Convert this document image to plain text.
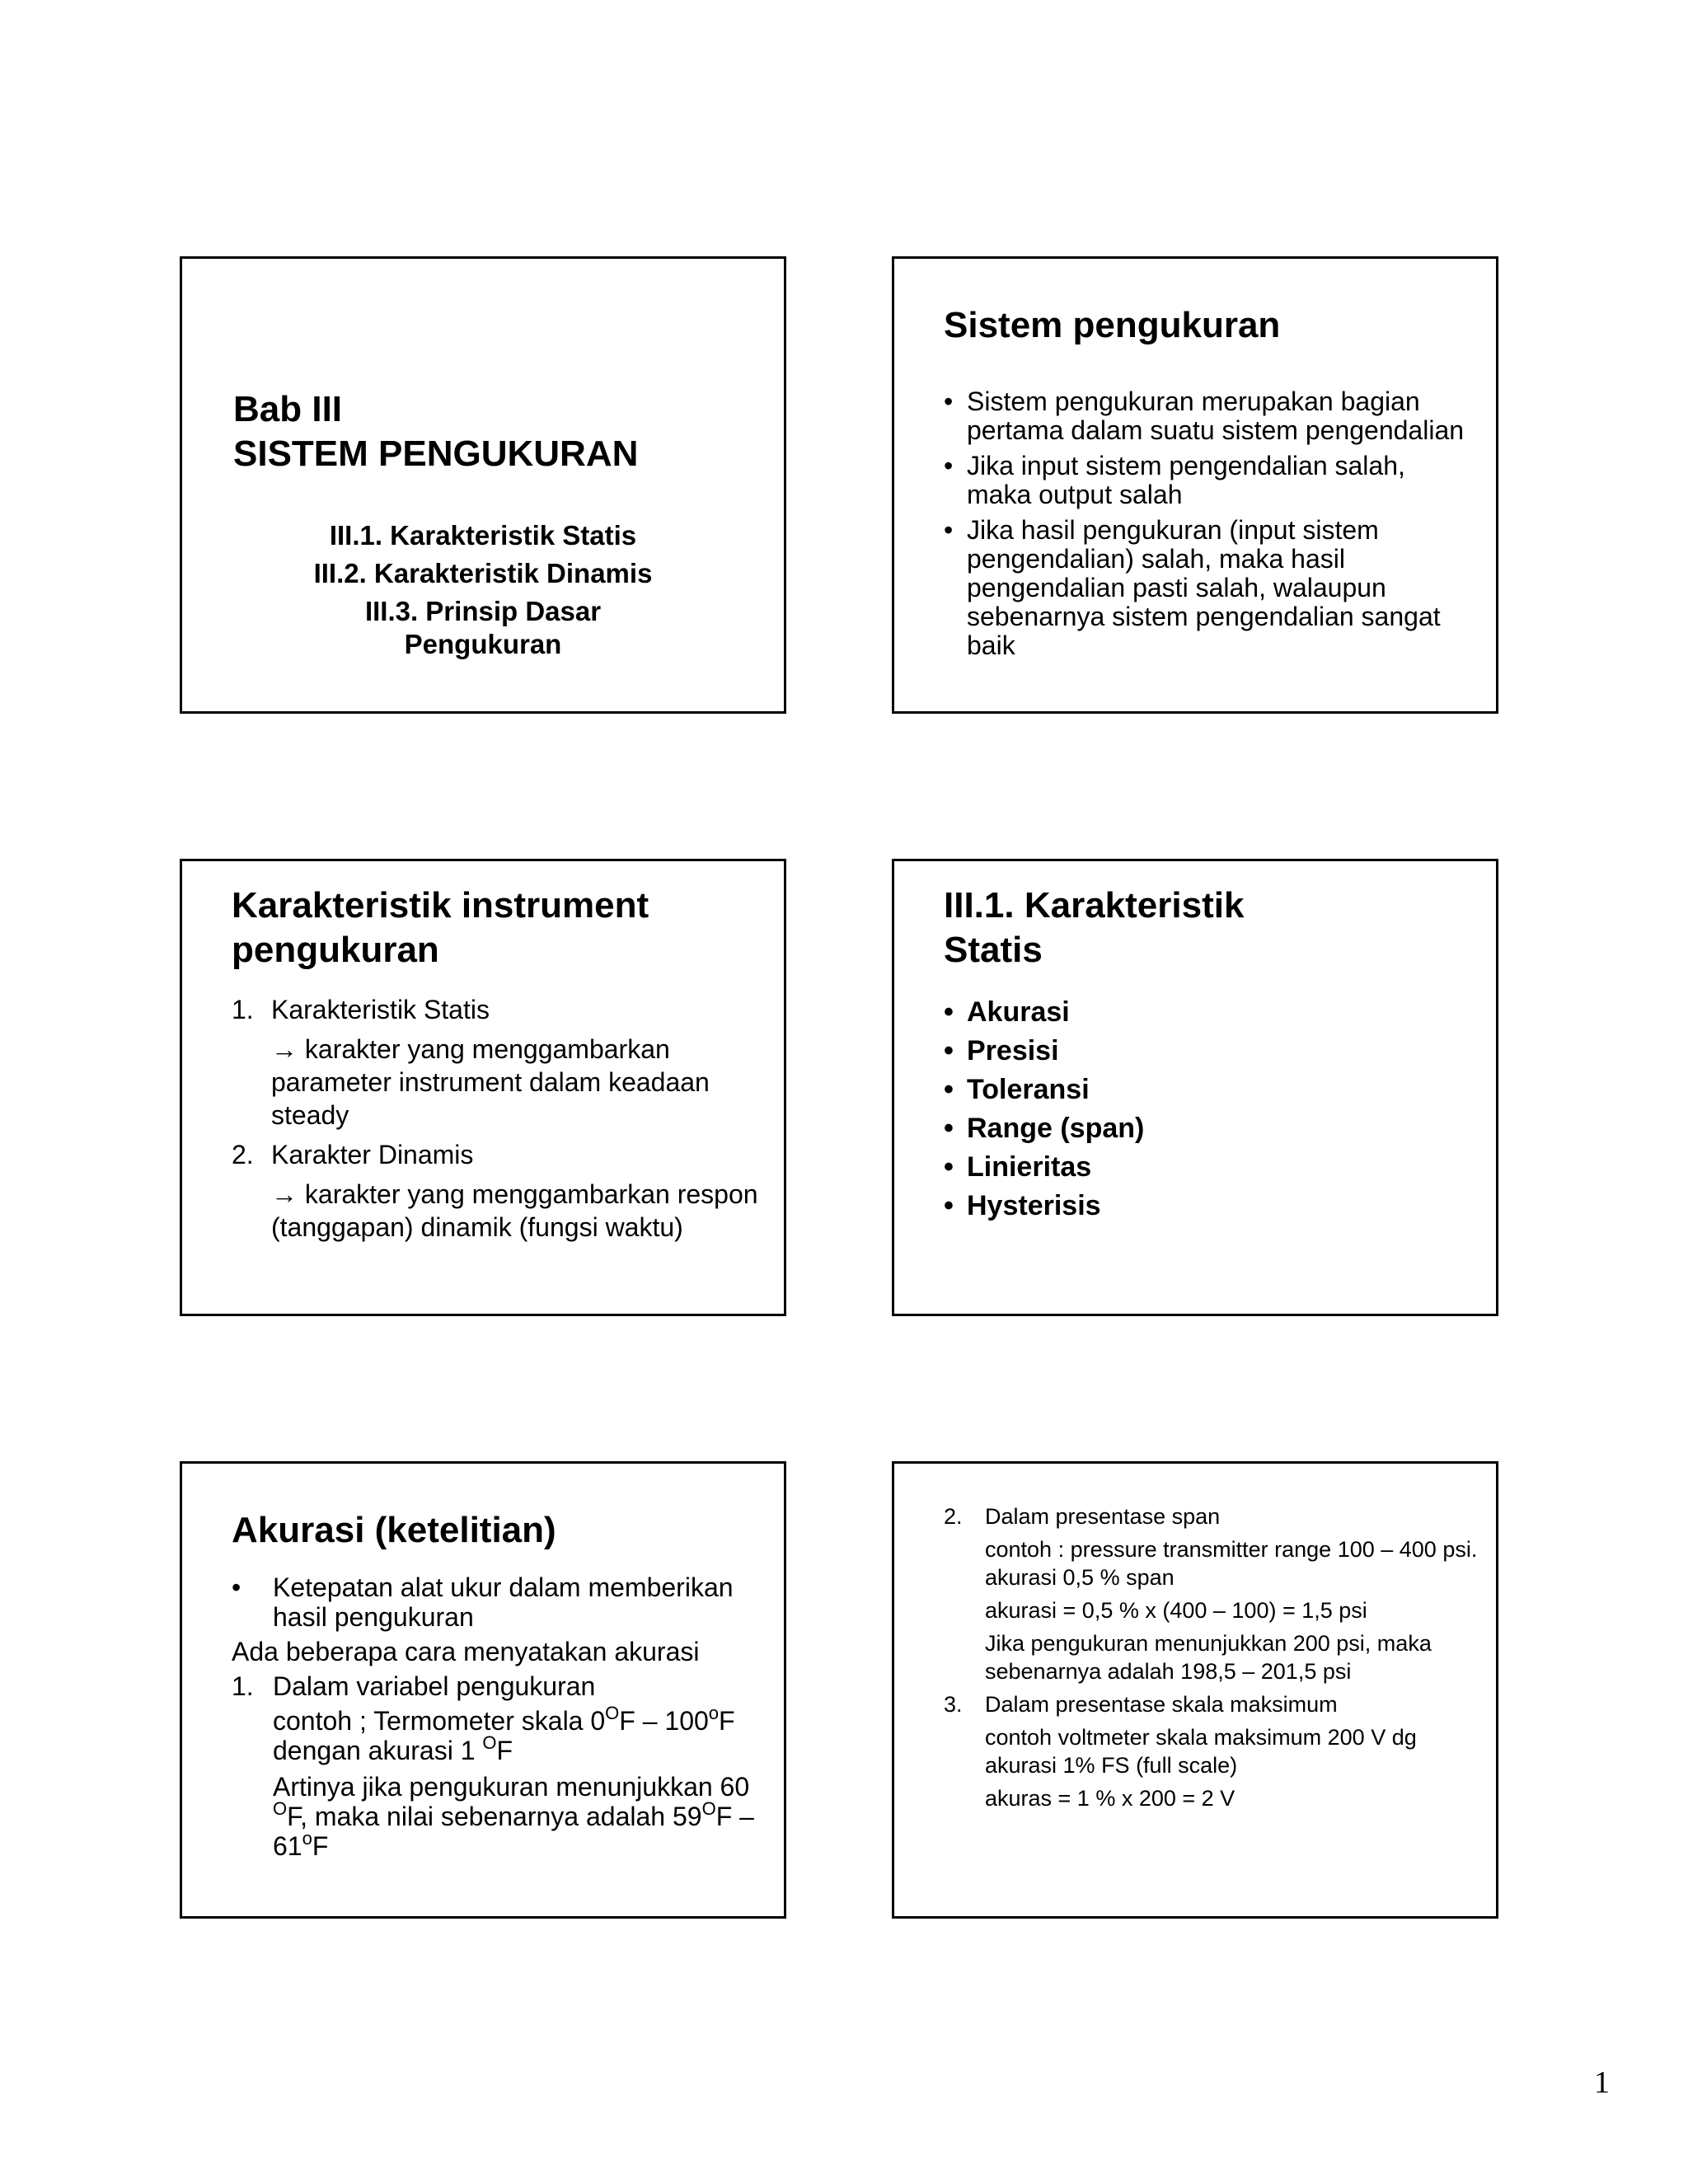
Bab III
SISTEM PENGUKURAN
III.1. Karakteristik Statis
III.2. Karakteristik Dinamis
III.3. Prinsip Dasar
Pengukuran
Sistem pengukuran
• Sistem pengukuran merupakan bagian pertama dalam suatu sistem pengendalian
• Jika input sistem pengendalian salah, maka output salah
• Jika hasil pengukuran (input sistem pengendalian) salah, maka hasil pengendalian pasti salah, walaupun sebenarnya sistem pengendalian sangat baik
Karakteristik instrument
pengukuran
1. Karakteristik Statis
→ karakter yang menggambarkan parameter instrument dalam keadaan steady
2. Karakter Dinamis
→ karakter yang menggambarkan respon (tanggapan) dinamik (fungsi waktu)
III.1. Karakteristik
Statis
• Akurasi
• Presisi
• Toleransi
• Range (span)
• Linieritas
• Hysterisis
Akurasi (ketelitian)
• Ketepatan alat ukur dalam memberikan hasil pengukuran
Ada beberapa cara menyatakan akurasi
1. Dalam variabel pengukuran
contoh ; Termometer skala $0^OF - 100^oF$ dengan akurasi 1 $^O$F
Artinya jika pengukuran menunjukkan 60 $^O$F, maka nilai sebenarnya adalah $59^OF - 61^oF$
2. Dalam presentase span
contoh : pressure transmitter range 100 – 400 psi. akurasi 0,5 % span
akurasi = 0,5 % x (400 – 100) = 1,5 psi
Jika pengukuran menunjukkan 200 psi, maka sebenarnya adalah 198,5 – 201,5 psi
3. Dalam presentase skala maksimum
contoh voltmeter skala maksimum 200 V dg akurasi 1% FS (full scale)
akuras = 1 % x 200 = 2 V
1
